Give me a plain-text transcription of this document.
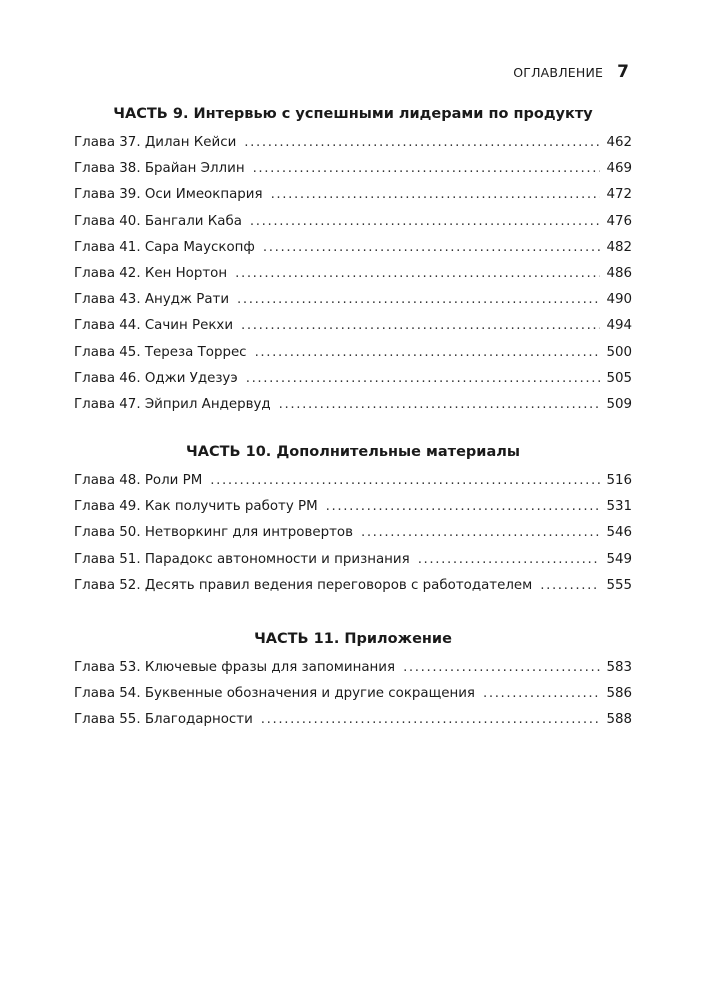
ОГЛАВЛЕНИЕ 7
ЧАСТЬ 9. Интервью с успешными лидерами по продукту
Глава 37. Дилан Кейси .....	462
Глава 38. Брайан Эллин .....	469
Глава 39. Оси Имеокпария .....	472
Глава 40. Бангали Каба .....	476
Глава 41. Сара Маускопф .....	482
Глава 42. Кен Нортон .....	486
Глава 43. Анудж Рати .....	490
Глава 44. Сачин Рекхи .....	494
Глава 45. Тереза Торрес .....	500
Глава 46. Оджи Удезуэ .....	505
Глава 47. Эйприл Андервуд .....	509
ЧАСТЬ 10. Дополнительные материалы
Глава 48. Роли PM .....	516
Глава 49. Как получить работу PM .....	531
Глава 50. Нетворкинг для интровертов .....	546
Глава 51. Парадокс автономности и признания .....	549
Глава 52. Десять правил ведения переговоров с работодателем .....	555
ЧАСТЬ 11. Приложение
Глава 53. Ключевые фразы для запоминания .....	583
Глава 54. Буквенные обозначения и другие сокращения .....	586
Глава 55. Благодарности .....	588
